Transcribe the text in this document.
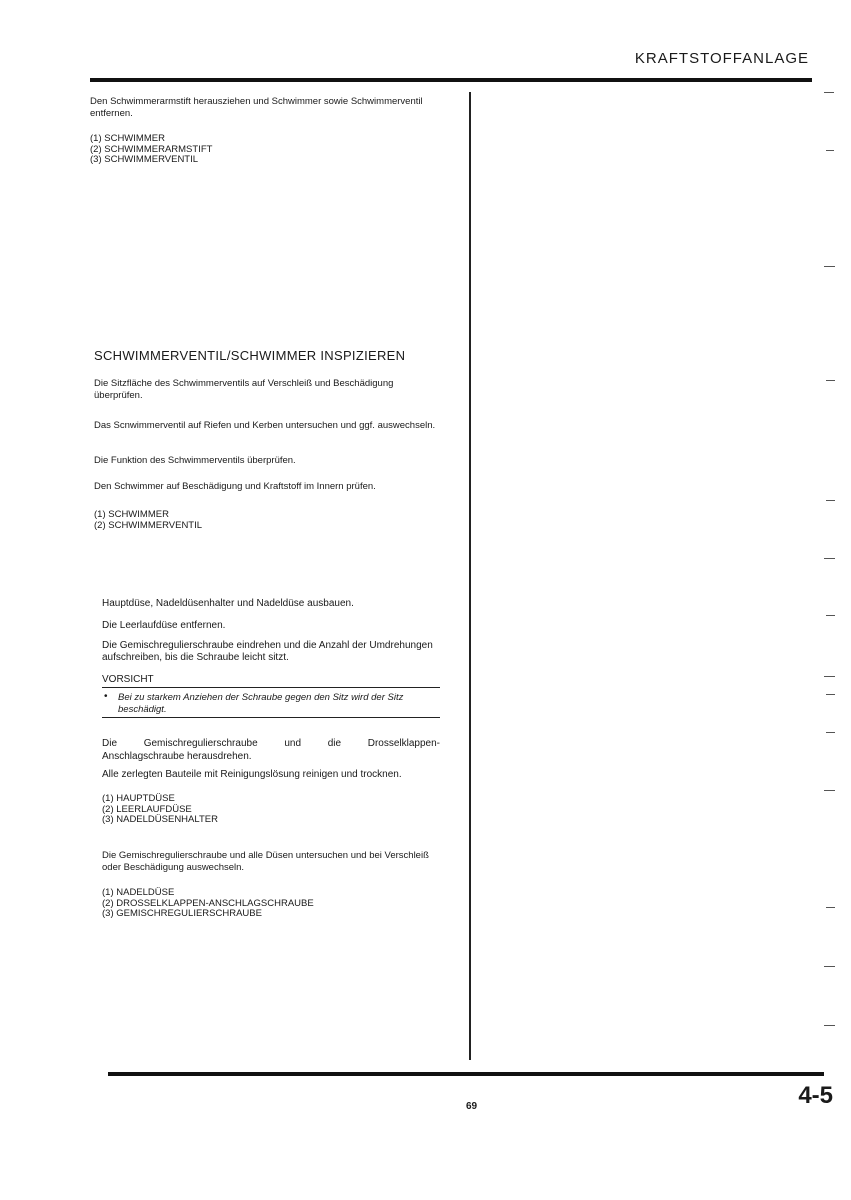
KRAFTSTOFFANLAGE
Den Schwimmerarmstift herausziehen und Schwimmer sowie Schwimmerventil entfernen.
(1) SCHWIMMER
(2) SCHWIMMERARMSTIFT
(3) SCHWIMMERVENTIL
SCHWIMMERVENTIL/SCHWIMMER INSPIZIEREN
Die Sitzfläche des Schwimmerventils auf Verschleiß und Beschädigung überprüfen.
Das Scnwimmerventil auf Riefen und Kerben untersuchen und ggf. auswechseln.
Die Funktion des Schwimmerventils überprüfen.
Den Schwimmer auf Beschädigung und Kraftstoff im Innern prüfen.
(1) SCHWIMMER
(2) SCHWIMMERVENTIL
Hauptdüse, Nadeldüsenhalter und Nadeldüse ausbauen.
Die Leerlaufdüse entfernen.
Die Gemischregulierschraube eindrehen und die Anzahl der Umdrehungen aufschreiben, bis die Schraube leicht sitzt.
VORSICHT
• Bei zu starkem Anziehen der Schraube gegen den Sitz wird der Sitz beschädigt.
Die Gemischregulierschraube und die Drosselklappen-
Anschlagschraube herausdrehen.
Alle zerlegten Bauteile mit Reinigungslösung reinigen und trocknen.
(1) HAUPTDÜSE
(2) LEERLAUFDÜSE
(3) NADELDÜSENHALTER
Die Gemischregulierschraube und alle Düsen untersuchen und bei Verschleiß oder Beschädigung auswechseln.
(1) NADELDÜSE
(2) DROSSELKLAPPEN-ANSCHLAGSCHRAUBE
(3) GEMISCHREGULIERSCHRAUBE
69	4-5
